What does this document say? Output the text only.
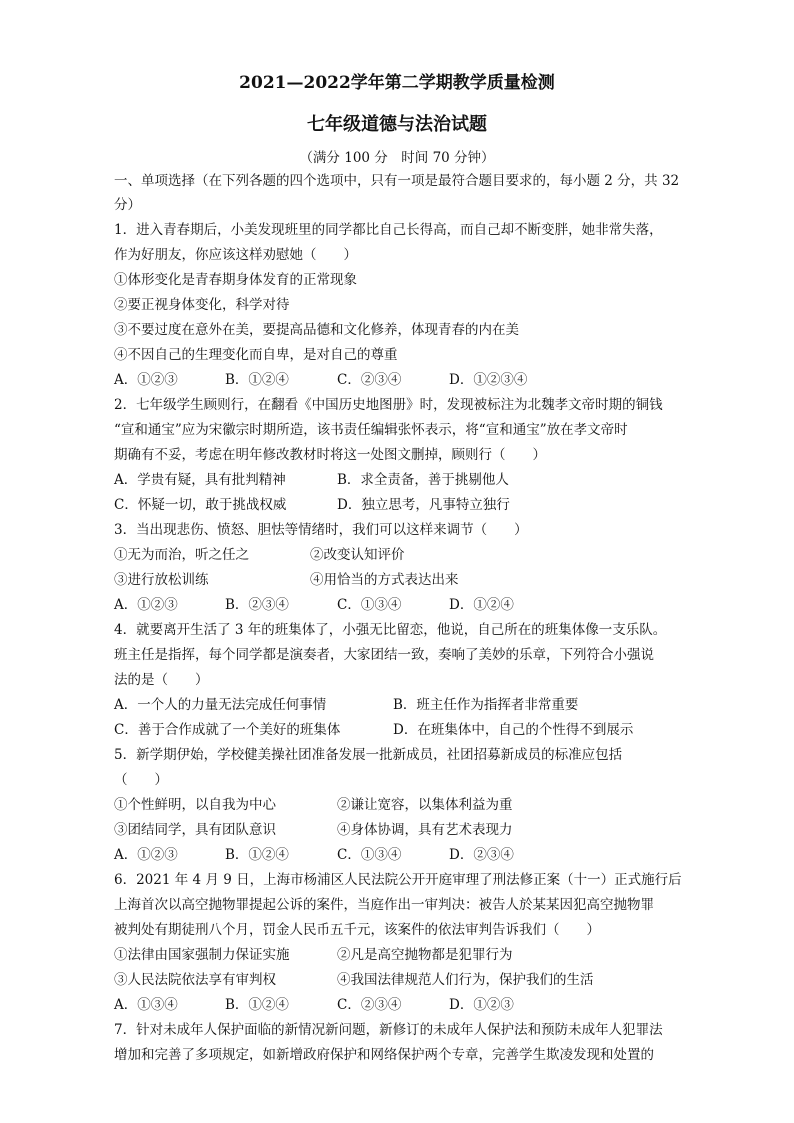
2021—2022学年第二学期教学质量检测
七年级道德与法治试题
（满分 100 分　时间 70 分钟）
一、单项选择（在下列各题的四个选项中，只有一项是最符合题目要求的，每小题 2 分，共 32
分）
1．进入青春期后，小美发现班里的同学都比自己长得高，而自己却不断变胖，她非常失落，
作为好朋友，你应该这样劝慰她（　　）
①体形变化是青春期身体发育的正常现象
②要正视身体变化，科学对待
③不要过度在意外在美，要提高品德和文化修养，体现青春的内在美
④不因自己的生理变化而自卑，是对自己的尊重
A．①②③	B．①②④	C．②③④	D．①②③④
2．七年级学生顾则行，在翻看《中国历史地图册》时，发现被标注为北魏孝文帝时期的铜钱
“宣和通宝”应为宋徽宗时期所造，该书责任编辑张怀表示，将“宣和通宝”放在孝文帝时
期确有不妥，考虑在明年修改教材时将这一处图文删掉，顾则行（　　）
A．学贵有疑，具有批判精神	B．求全责备，善于挑剔他人
C．怀疑一切，敢于挑战权威	D．独立思考，凡事特立独行
3．当出现悲伤、愤怒、胆怯等情绪时，我们可以这样来调节（　　）
①无为而治，听之任之	②改变认知评价
③进行放松训练	④用恰当的方式表达出来
A．①②③	B．②③④	C．①③④	D．①②④
4．就要离开生活了 3 年的班集体了，小强无比留恋，他说，自己所在的班集体像一支乐队。
班主任是指挥，每个同学都是演奏者，大家团结一致，奏响了美妙的乐章，下列符合小强说
法的是（　　）
A．一个人的力量无法完成任何事情	B．班主任作为指挥者非常重要
C．善于合作成就了一个美好的班集体	D．在班集体中，自己的个性得不到展示
5．新学期伊始，学校健美操社团准备发展一批新成员，社团招募新成员的标准应包括
（　　）
①个性鲜明，以自我为中心	②谦让宽容，以集体利益为重
③团结同学，具有团队意识	④身体协调，具有艺术表现力
A．①②③	B．①②④	C．①③④	D．②③④
6．2021 年 4 月 9 日，上海市杨浦区人民法院公开开庭审理了刑法修正案（十一）正式施行后
上海首次以高空抛物罪提起公诉的案件，当庭作出一审判决：被告人於某某因犯高空抛物罪
被判处有期徒刑八个月，罚金人民币五千元，该案件的依法审判告诉我们（　　）
①法律由国家强制力保证实施	②凡是高空抛物都是犯罪行为
③人民法院依法享有审判权	④我国法律规范人们行为，保护我们的生活
A．①③④	B．①②④	C．②③④	D．①②③
7．针对未成年人保护面临的新情况新问题，新修订的未成年人保护法和预防未成年人犯罪法
增加和完善了多项规定，如新增政府保护和网络保护两个专章，完善学生欺凌发现和处置的
